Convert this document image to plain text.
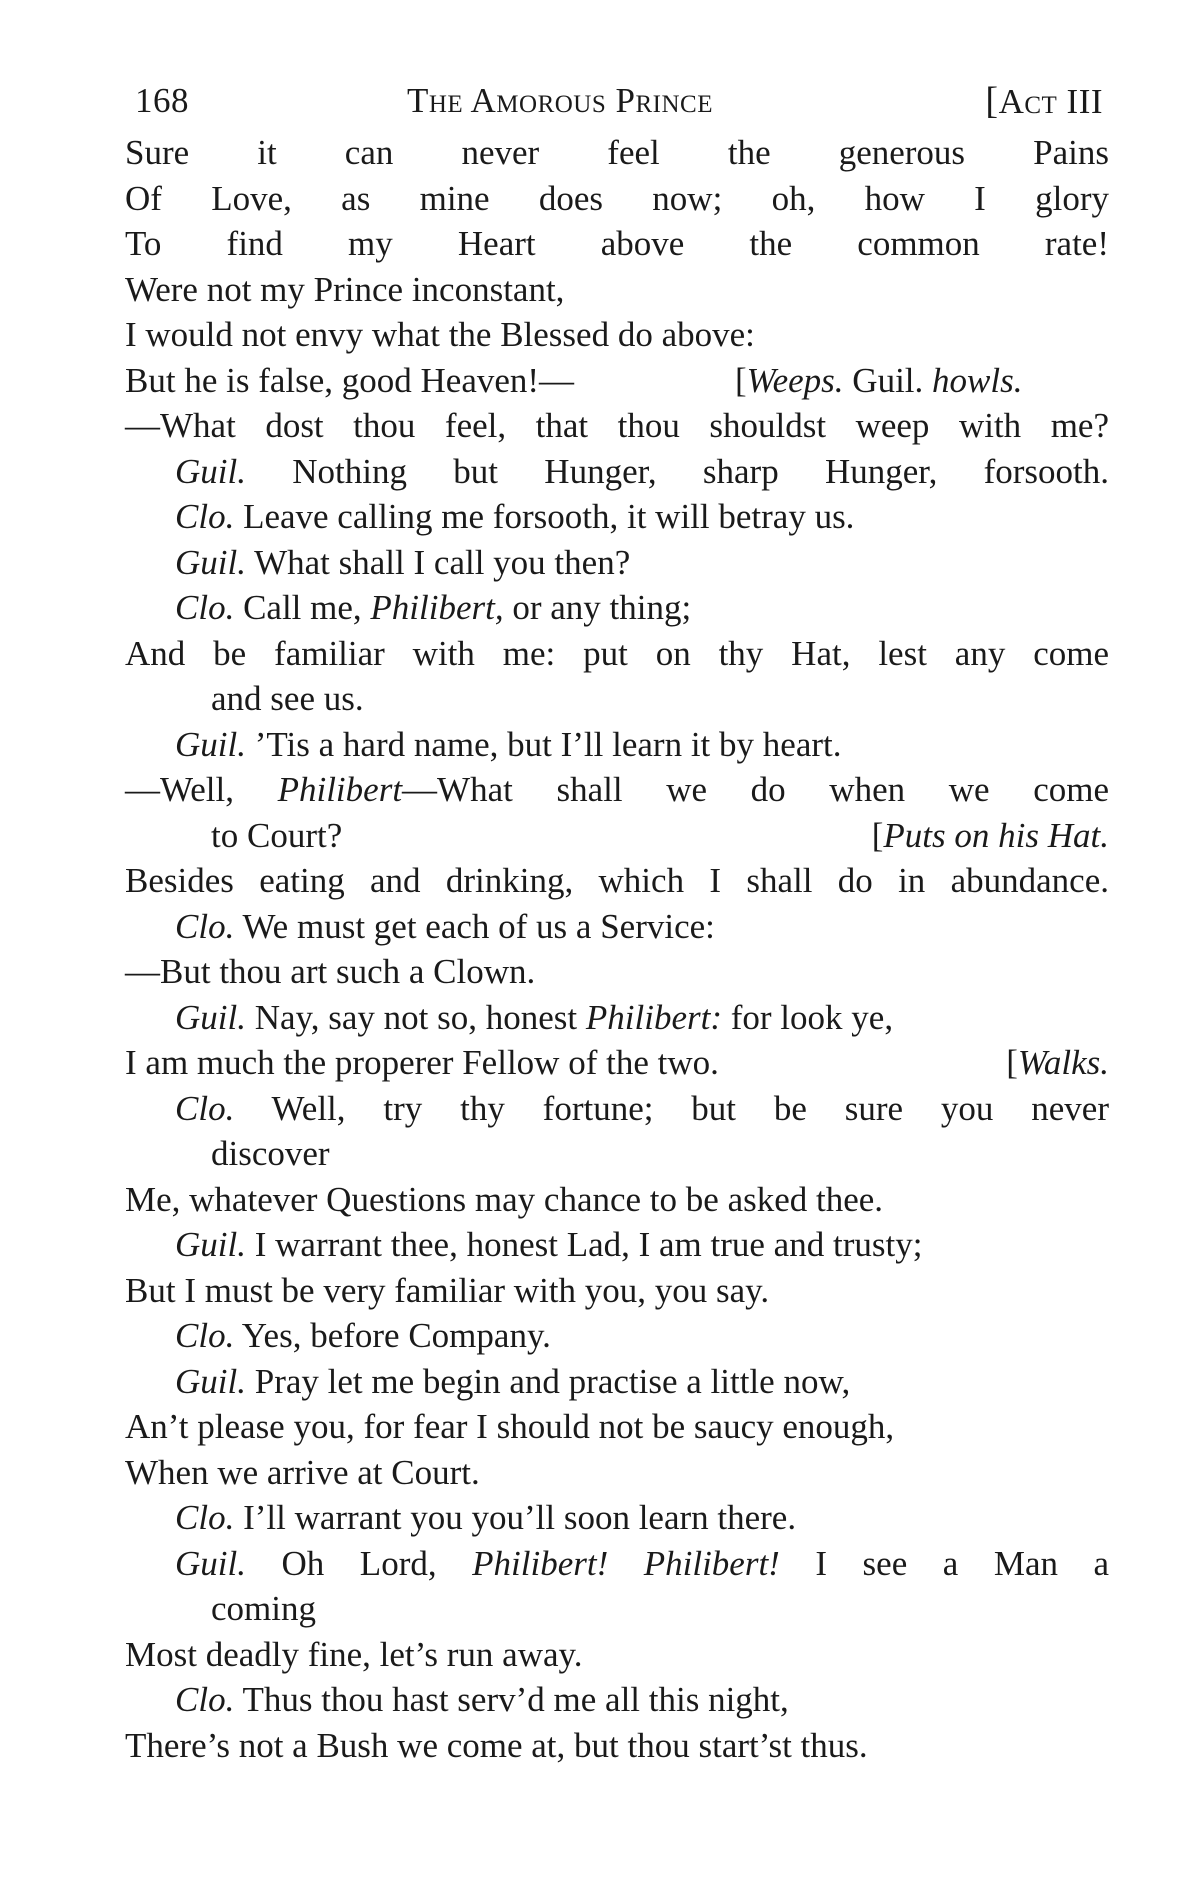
168	The Amorous Prince	[Act III
Sure it can never feel the generous Pains
Of Love, as mine does now; oh, how I glory
To find my Heart above the common rate!
Were not my Prince inconstant,
I would not envy what the Blessed do above:
But he is false, good Heaven!—	[Weeps. Guil. howls.
—What dost thou feel, that thou shouldst weep with me?
Guil. Nothing but Hunger, sharp Hunger, forsooth.
Clo. Leave calling me forsooth, it will betray us.
Guil. What shall I call you then?
Clo. Call me, Philibert, or any thing;
And be familiar with me: put on thy Hat, lest any come
and see us.
Guil. ’Tis a hard name, but I’ll learn it by heart.
—Well, Philibert—What shall we do when we come
to Court?	[Puts on his Hat.
Besides eating and drinking, which I shall do in abundance.
Clo. We must get each of us a Service:
—But thou art such a Clown.
Guil. Nay, say not so, honest Philibert: for look ye,
I am much the properer Fellow of the two.	[Walks.
Clo. Well, try thy fortune; but be sure you never
discover
Me, whatever Questions may chance to be asked thee.
Guil. I warrant thee, honest Lad, I am true and trusty;
But I must be very familiar with you, you say.
Clo. Yes, before Company.
Guil. Pray let me begin and practise a little now,
An’t please you, for fear I should not be saucy enough,
When we arrive at Court.
Clo. I’ll warrant you you’ll soon learn there.
Guil. Oh Lord, Philibert! Philibert! I see a Man a
coming
Most deadly fine, let’s run away.
Clo. Thus thou hast serv’d me all this night,
There’s not a Bush we come at, but thou start’st thus.
